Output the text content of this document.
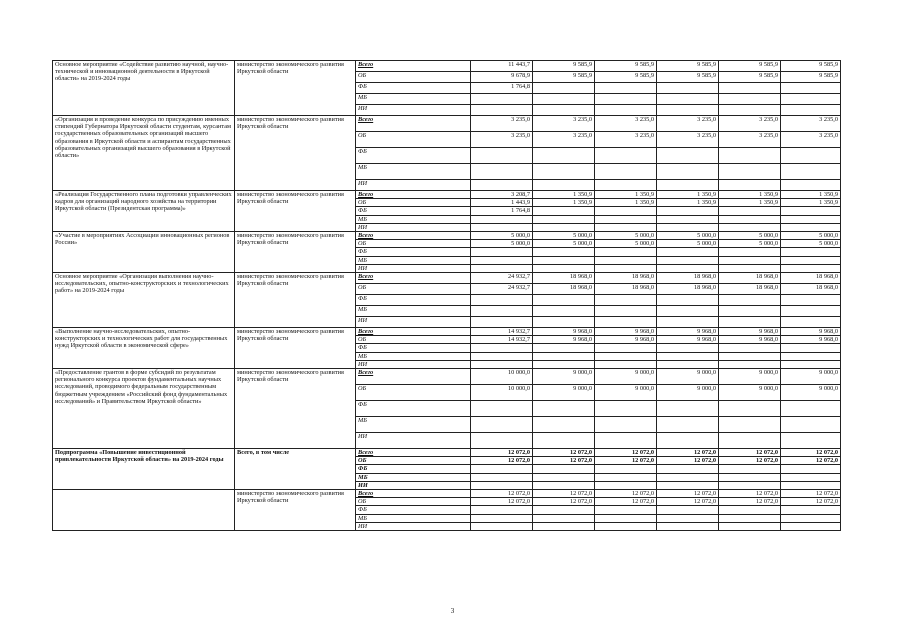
Основное мероприятие «Содействие развитию научной, научно-технической и инновационной деятельности в Иркутской области» на 2019-2024 годы	министерство экономического развития Иркутской области	Всего	11 443,7	9 585,9	9 585,9	9 585,9	9 585,9	9 585,9
		ОБ	9 678,9	9 585,9	9 585,9	9 585,9	9 585,9	9 585,9
		ФБ	1 764,8					
		МБ						
		ИИ						
«Организация и проведение конкурса по присуждению именных стипендий Губернатора Иркутской области студентам, курсантам государственных образовательных организаций высшего образования в Иркутской области и аспирантам государственных образовательных организаций высшего образования в Иркутской области»	министерство экономического развития Иркутской области	Всего	3 235,0	3 235,0	3 235,0	3 235,0	3 235,0	3 235,0
		ОБ	3 235,0	3 235,0	3 235,0	3 235,0	3 235,0	3 235,0
		ФБ						
		МБ						
		ИИ						
«Реализация Государственного плана подготовки управленческих кадров для организаций народного хозяйства на территории Иркутской области (Президентская программа)»	министерство экономического развития Иркутской области	Всего	3 208,7	1 350,9	1 350,9	1 350,9	1 350,9	1 350,9
		ОБ	1 443,9	1 350,9	1 350,9	1 350,9	1 350,9	1 350,9
		ФБ	1 764,8					
		МБ						
		ИИ						
«Участие в мероприятиях Ассоциации инновационных регионов России»	министерство экономического развития Иркутской области	Всего	5 000,0	5 000,0	5 000,0	5 000,0	5 000,0	5 000,0
		ОБ	5 000,0	5 000,0	5 000,0	5 000,0	5 000,0	5 000,0
		ФБ						
		МБ						
		ИИ						
Основное мероприятие «Организация выполнения научно-исследовательских, опытно-конструкторских и технологических работ» на 2019-2024 годы	министерство экономического развития Иркутской области	Всего	24 932,7	18 968,0	18 968,0	18 968,0	18 968,0	18 968,0
		ОБ	24 932,7	18 968,0	18 968,0	18 968,0	18 968,0	18 968,0
		ФБ						
		МБ						
		ИИ						
«Выполнение научно-исследовательских, опытно-конструкторских и технологических работ для государственных нужд Иркутской области в экономической сфере»	министерство экономического развития Иркутской области	Всего	14 932,7	9 968,0	9 968,0	9 968,0	9 968,0	9 968,0
		ОБ	14 932,7	9 968,0	9 968,0	9 968,0	9 968,0	9 968,0
		ФБ						
		МБ						
		ИИ						
«Предоставление грантов в форме субсидий по результатам регионального конкурса проектов фундаментальных научных исследований, проводимого федеральным государственным бюджетным учреждением «Российский фонд фундаментальных исследований» и Правительством Иркутской области»	министерство экономического развития Иркутской области	Всего	10 000,0	9 000,0	9 000,0	9 000,0	9 000,0	9 000,0
		ОБ	10 000,0	9 000,0	9 000,0	9 000,0	9 000,0	9 000,0
		ФБ						
		МБ						
		ИИ						
Подпрограмма «Повышение инвестиционной привлекательности Иркутской области» на 2019-2024 годы	Всего, в том числе	Всего	12 072,0	12 072,0	12 072,0	12 072,0	12 072,0	12 072,0
		ОБ	12 072,0	12 072,0	12 072,0	12 072,0	12 072,0	12 072,0
		ФБ						
		МБ						
		ИИ						
	министерство экономического развития Иркутской области	Всего	12 072,0	12 072,0	12 072,0	12 072,0	12 072,0	12 072,0
		ОБ	12 072,0	12 072,0	12 072,0	12 072,0	12 072,0	12 072,0
		ФБ						
		МБ						
		ИИ						
3
